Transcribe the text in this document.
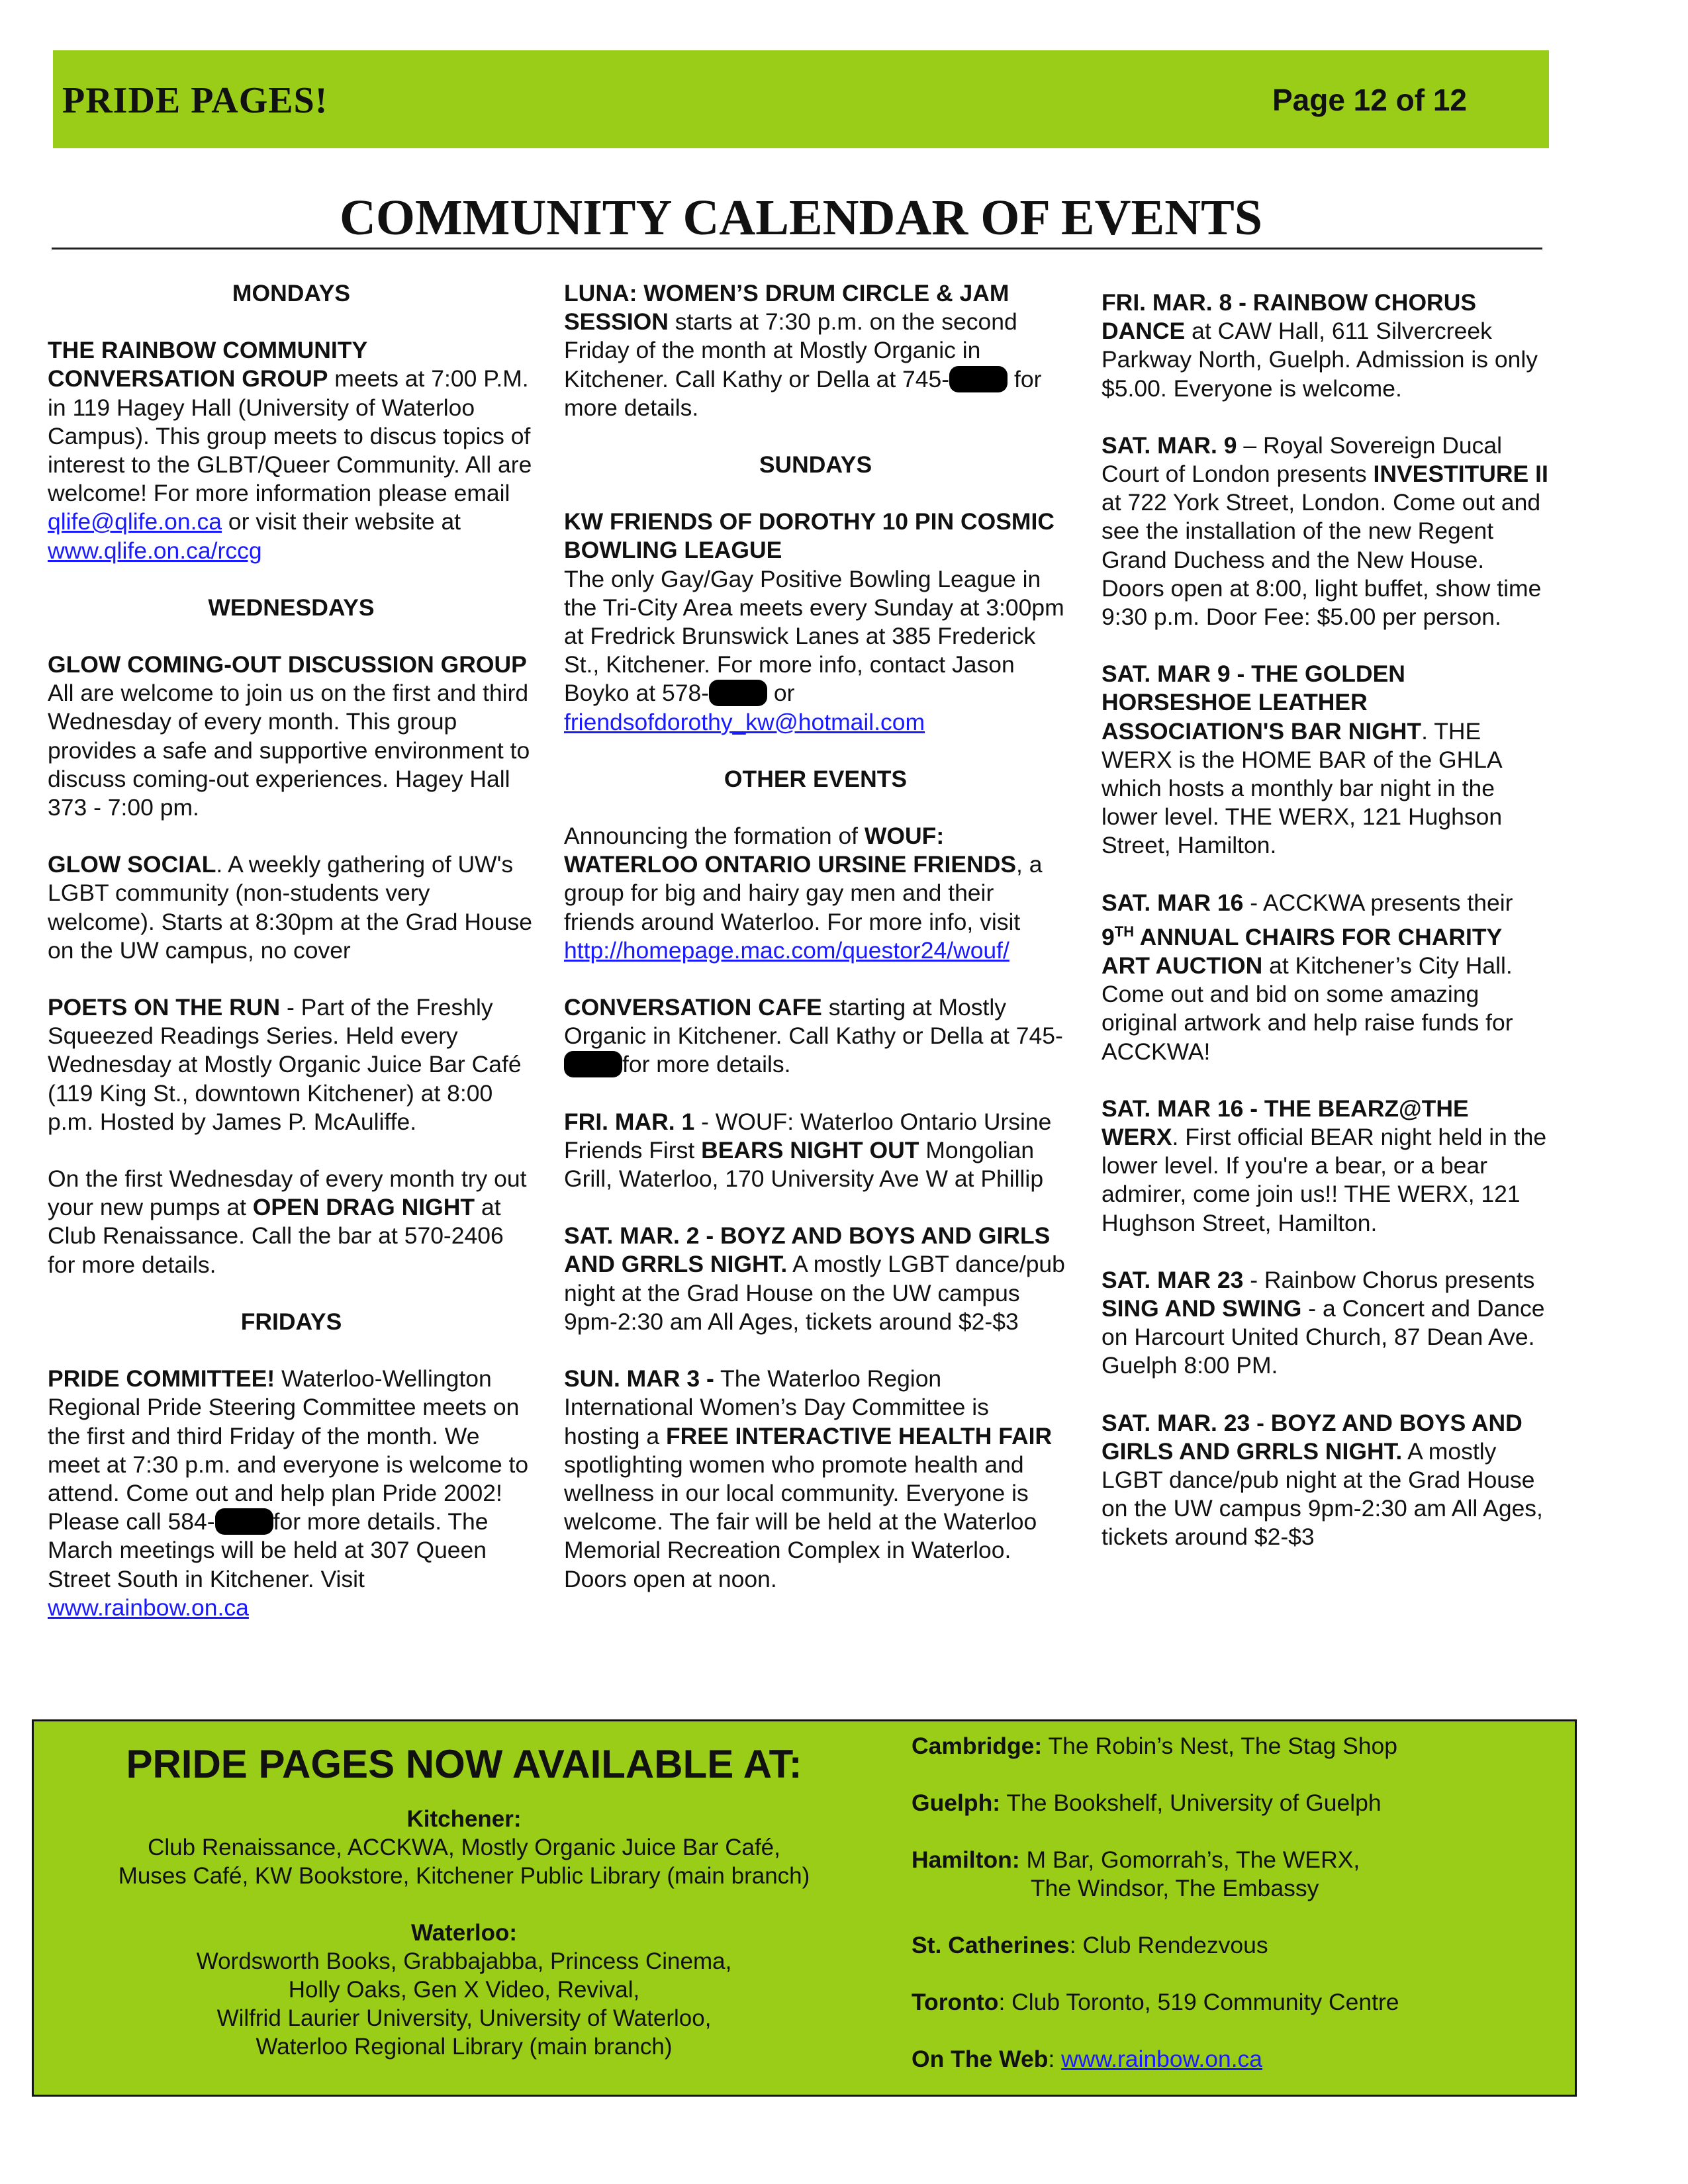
PRIDE PAGES!	Page 12 of 12
COMMUNITY CALENDAR OF EVENTS
MONDAYS

THE RAINBOW COMMUNITY CONVERSATION GROUP meets at 7:00 P.M. in 119 Hagey Hall (University of Waterloo Campus). This group meets to discus topics of interest to the GLBT/Queer Community. All are welcome! For more information please email qlife@qlife.on.ca or visit their website at www.qlife.on.ca/rccg

WEDNESDAYS

GLOW COMING-OUT DISCUSSION GROUP All are welcome to join us on the first and third Wednesday of every month. This group provides a safe and supportive environment to discuss coming-out experiences. Hagey Hall 373 - 7:00 pm.

GLOW SOCIAL. A weekly gathering of UW's LGBT community (non-students very welcome). Starts at 8:30pm at the Grad House on the UW campus, no cover

POETS ON THE RUN - Part of the Freshly Squeezed Readings Series. Held every Wednesday at Mostly Organic Juice Bar Café (119 King St., downtown Kitchener) at 8:00 p.m. Hosted by James P. McAuliffe.

On the first Wednesday of every month try out your new pumps at OPEN DRAG NIGHT at Club Renaissance. Call the bar at 570-2406 for more details.

FRIDAYS

PRIDE COMMITTEE! Waterloo-Wellington Regional Pride Steering Committee meets on the first and third Friday of the month. We meet at 7:30 p.m. and everyone is welcome to attend. Come out and help plan Pride 2002! Please call 584- for more details. The March meetings will be held at 307 Queen Street South in Kitchener. Visit www.rainbow.on.ca

LUNA: WOMEN’S DRUM CIRCLE & JAM SESSION starts at 7:30 p.m. on the second Friday of the month at Mostly Organic in Kitchener. Call Kathy or Della at 745- for more details.

SUNDAYS

KW FRIENDS OF DOROTHY 10 PIN COSMIC BOWLING LEAGUE
The only Gay/Gay Positive Bowling League in the Tri-City Area meets every Sunday at 3:00pm at Fredrick Brunswick Lanes at 385 Frederick St., Kitchener. For more info, contact Jason Boyko at 578- or friendsofdorothy_kw@hotmail.com

OTHER EVENTS

Announcing the formation of WOUF: WATERLOO ONTARIO URSINE FRIENDS, a group for big and hairy gay men and their friends around Waterloo. For more info, visit http://homepage.mac.com/questor24/wouf/

CONVERSATION CAFE starting at Mostly Organic in Kitchener. Call Kathy or Della at 745-for more details.

FRI. MAR. 1 - WOUF: Waterloo Ontario Ursine Friends First BEARS NIGHT OUT Mongolian Grill, Waterloo, 170 University Ave W at Phillip

SAT. MAR. 2 - BOYZ AND BOYS AND GIRLS AND GRRLS NIGHT. A mostly LGBT dance/pub night at the Grad House on the UW campus 9pm-2:30 am All Ages, tickets around $2-$3

SUN. MAR 3 - The Waterloo Region International Women’s Day Committee is hosting a FREE INTERACTIVE HEALTH FAIR spotlighting women who promote health and wellness in our local community. Everyone is welcome. The fair will be held at the Waterloo Memorial Recreation Complex in Waterloo. Doors open at noon.

FRI. MAR. 8 - RAINBOW CHORUS DANCE at CAW Hall, 611 Silvercreek Parkway North, Guelph. Admission is only $5.00. Everyone is welcome.

SAT. MAR. 9 – Royal Sovereign Ducal Court of London presents INVESTITURE II at 722 York Street, London. Come out and see the installation of the new Regent Grand Duchess and the New House. Doors open at 8:00, light buffet, show time 9:30 p.m. Door Fee: $5.00 per person.

SAT. MAR 9 - THE GOLDEN HORSESHOE LEATHER ASSOCIATION'S BAR NIGHT. THE WERX is the HOME BAR of the GHLA which hosts a monthly bar night in the lower level. THE WERX, 121 Hughson Street, Hamilton.

SAT. MAR 16 - ACCKWA presents their 9TH ANNUAL CHAIRS FOR CHARITY ART AUCTION at Kitchener’s City Hall. Come out and bid on some amazing original artwork and help raise funds for ACCKWA!

SAT. MAR 16 - THE BEARZ@THE WERX. First official BEAR night held in the lower level. If you're a bear, or a bear admirer, come join us!! THE WERX, 121 Hughson Street, Hamilton.

SAT. MAR 23 - Rainbow Chorus presents SING AND SWING - a Concert and Dance on Harcourt United Church, 87 Dean Ave. Guelph 8:00 PM.

SAT. MAR. 23 - BOYZ AND BOYS AND GIRLS AND GRRLS NIGHT. A mostly LGBT dance/pub night at the Grad House on the UW campus 9pm-2:30 am All Ages, tickets around $2-$3

PRIDE PAGES NOW AVAILABLE AT:
Kitchener:
Club Renaissance, ACCKWA, Mostly Organic Juice Bar Café,
Muses Café, KW Bookstore, Kitchener Public Library (main branch)
Waterloo:
Wordsworth Books, Grabbajabba, Princess Cinema,
Holly Oaks, Gen X Video, Revival,
Wilfrid Laurier University, University of Waterloo,
Waterloo Regional Library (main branch)

Cambridge: The Robin’s Nest, The Stag Shop

Guelph: The Bookshelf, University of Guelph

Hamilton: M Bar, Gomorrah’s, The WERX,
The Windsor, The Embassy

St. Catherines: Club Rendezvous

Toronto: Club Toronto, 519 Community Centre

On The Web: www.rainbow.on.ca
